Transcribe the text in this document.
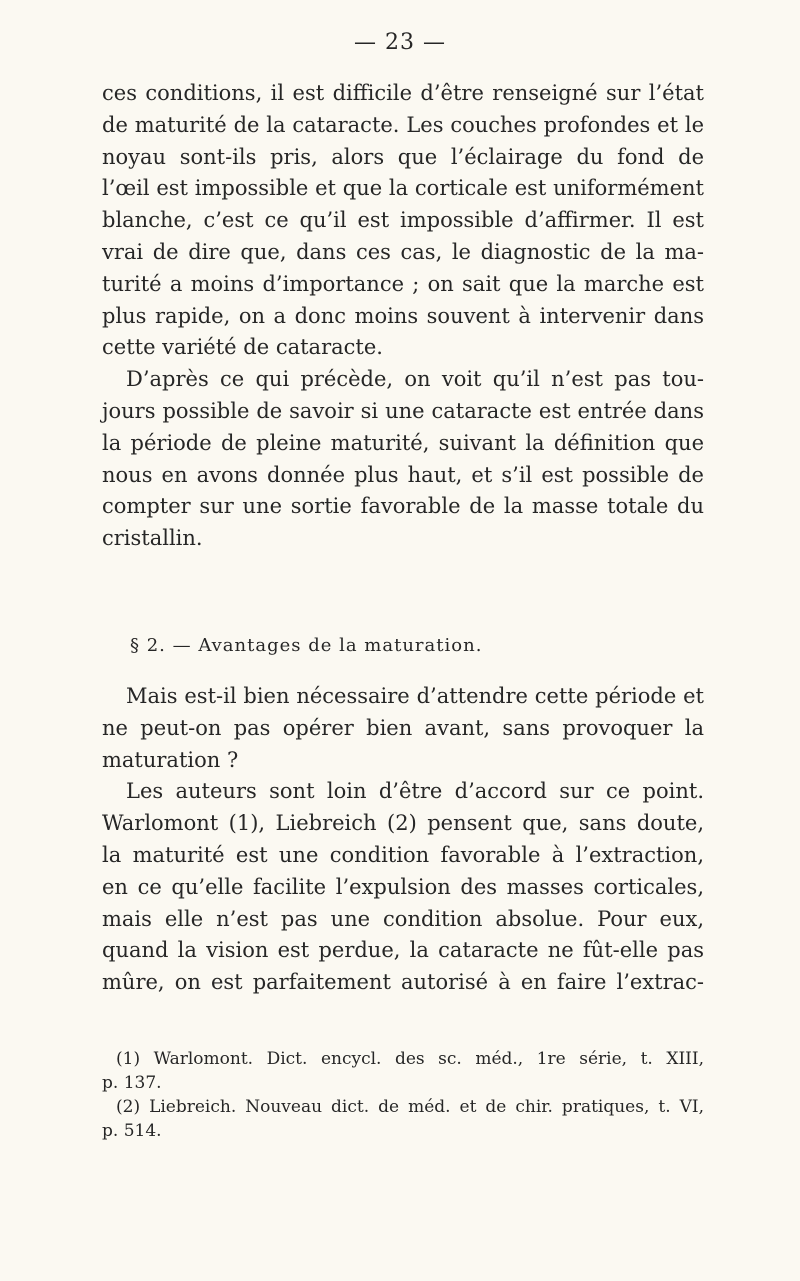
— 23 —
ces conditions, il est difficile d’être renseigné sur l’état
de maturité de la cataracte. Les couches profondes et le
noyau sont-ils pris, alors que l’éclairage du fond de
l’œil est impossible et que la corticale est uniformément
blanche, c’est ce qu’il est impossible d’affirmer. Il est
vrai de dire que, dans ces cas, le diagnostic de la ma-
turité a moins d’importance ; on sait que la marche est
plus rapide, on a donc moins souvent à intervenir dans
cette variété de cataracte.
D’après ce qui précède, on voit qu’il n’est pas tou-
jours possible de savoir si une cataracte est entrée dans
la période de pleine maturité, suivant la définition que
nous en avons donnée plus haut, et s’il est possible de
compter sur une sortie favorable de la masse totale du
cristallin.
§ 2. — Avantages de la maturation.
Mais est-il bien nécessaire d’attendre cette période et
ne peut-on pas opérer bien avant, sans provoquer la
maturation ?
Les auteurs sont loin d’être d’accord sur ce point.
Warlomont (1), Liebreich (2) pensent que, sans doute,
la maturité est une condition favorable à l’extraction,
en ce qu’elle facilite l’expulsion des masses corticales,
mais elle n’est pas une condition absolue. Pour eux,
quand la vision est perdue, la cataracte ne fût-elle pas
mûre, on est parfaitement autorisé à en faire l’extrac-
(1) Warlomont. Dict. encycl. des sc. méd., 1re série, t. XIII,
p. 137.
(2) Liebreich. Nouveau dict. de méd. et de chir. pratiques, t. VI,
p. 514.
